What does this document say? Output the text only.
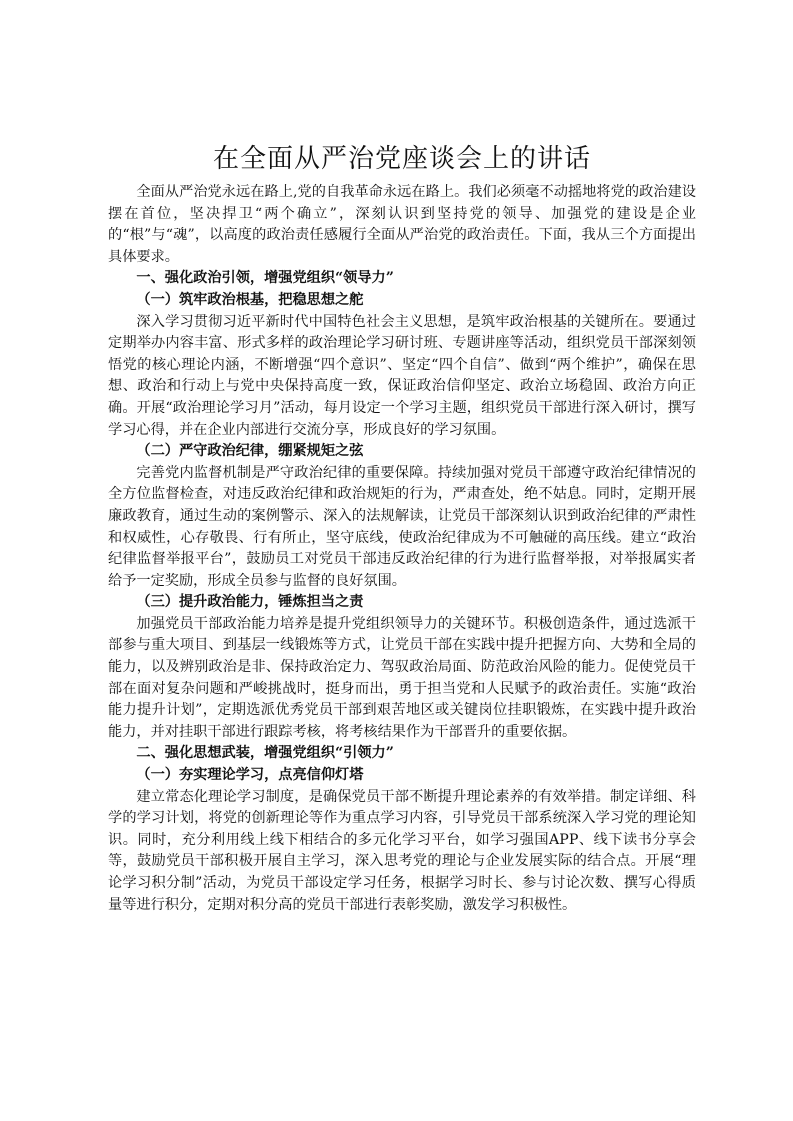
在全面从严治党座谈会上的讲话

全面从严治党永远在路上,党的自我革命永远在路上。我们必须毫不动摇地将党的政治建设摆在首位，坚决捍卫“两个确立”，深刻认识到坚持党的领导、加强党的建设是企业的“根”与“魂”，以高度的政治责任感履行全面从严治党的政治责任。下面，我从三个方面提出具体要求。

一、强化政治引领，增强党组织“领导力”

（一）筑牢政治根基，把稳思想之舵

深入学习贯彻习近平新时代中国特色社会主义思想，是筑牢政治根基的关键所在。要通过定期举办内容丰富、形式多样的政治理论学习研讨班、专题讲座等活动，组织党员干部深刻领悟党的核心理论内涵，不断增强“四个意识”、坚定“四个自信”、做到“两个维护”，确保在思想、政治和行动上与党中央保持高度一致，保证政治信仰坚定、政治立场稳固、政治方向正确。开展“政治理论学习月”活动，每月设定一个学习主题，组织党员干部进行深入研讨，撰写学习心得，并在企业内部进行交流分享，形成良好的学习氛围。

（二）严守政治纪律，绷紧规矩之弦

完善党内监督机制是严守政治纪律的重要保障。持续加强对党员干部遵守政治纪律情况的全方位监督检查，对违反政治纪律和政治规矩的行为，严肃查处，绝不姑息。同时，定期开展廉政教育，通过生动的案例警示、深入的法规解读，让党员干部深刻认识到政治纪律的严肃性和权威性，心存敬畏、行有所止，坚守底线，使政治纪律成为不可触碰的高压线。建立“政治纪律监督举报平台”，鼓励员工对党员干部违反政治纪律的行为进行监督举报，对举报属实者给予一定奖励，形成全员参与监督的良好氛围。

（三）提升政治能力，锤炼担当之责

加强党员干部政治能力培养是提升党组织领导力的关键环节。积极创造条件，通过选派干部参与重大项目、到基层一线锻炼等方式，让党员干部在实践中提升把握方向、大势和全局的能力，以及辨别政治是非、保持政治定力、驾驭政治局面、防范政治风险的能力。促使党员干部在面对复杂问题和严峻挑战时，挺身而出，勇于担当党和人民赋予的政治责任。实施“政治能力提升计划”，定期选派优秀党员干部到艰苦地区或关键岗位挂职锻炼，在实践中提升政治能力，并对挂职干部进行跟踪考核，将考核结果作为干部晋升的重要依据。

二、强化思想武装，增强党组织“引领力”

（一）夯实理论学习，点亮信仰灯塔

建立常态化理论学习制度，是确保党员干部不断提升理论素养的有效举措。制定详细、科学的学习计划，将党的创新理论等作为重点学习内容，引导党员干部系统深入学习党的理论知识。同时，充分利用线上线下相结合的多元化学习平台，如学习强国APP、线下读书分享会等，鼓励党员干部积极开展自主学习，深入思考党的理论与企业发展实际的结合点。开展“理论学习积分制”活动，为党员干部设定学习任务，根据学习时长、参与讨论次数、撰写心得质量等进行积分，定期对积分高的党员干部进行表彰奖励，激发学习积极性。
